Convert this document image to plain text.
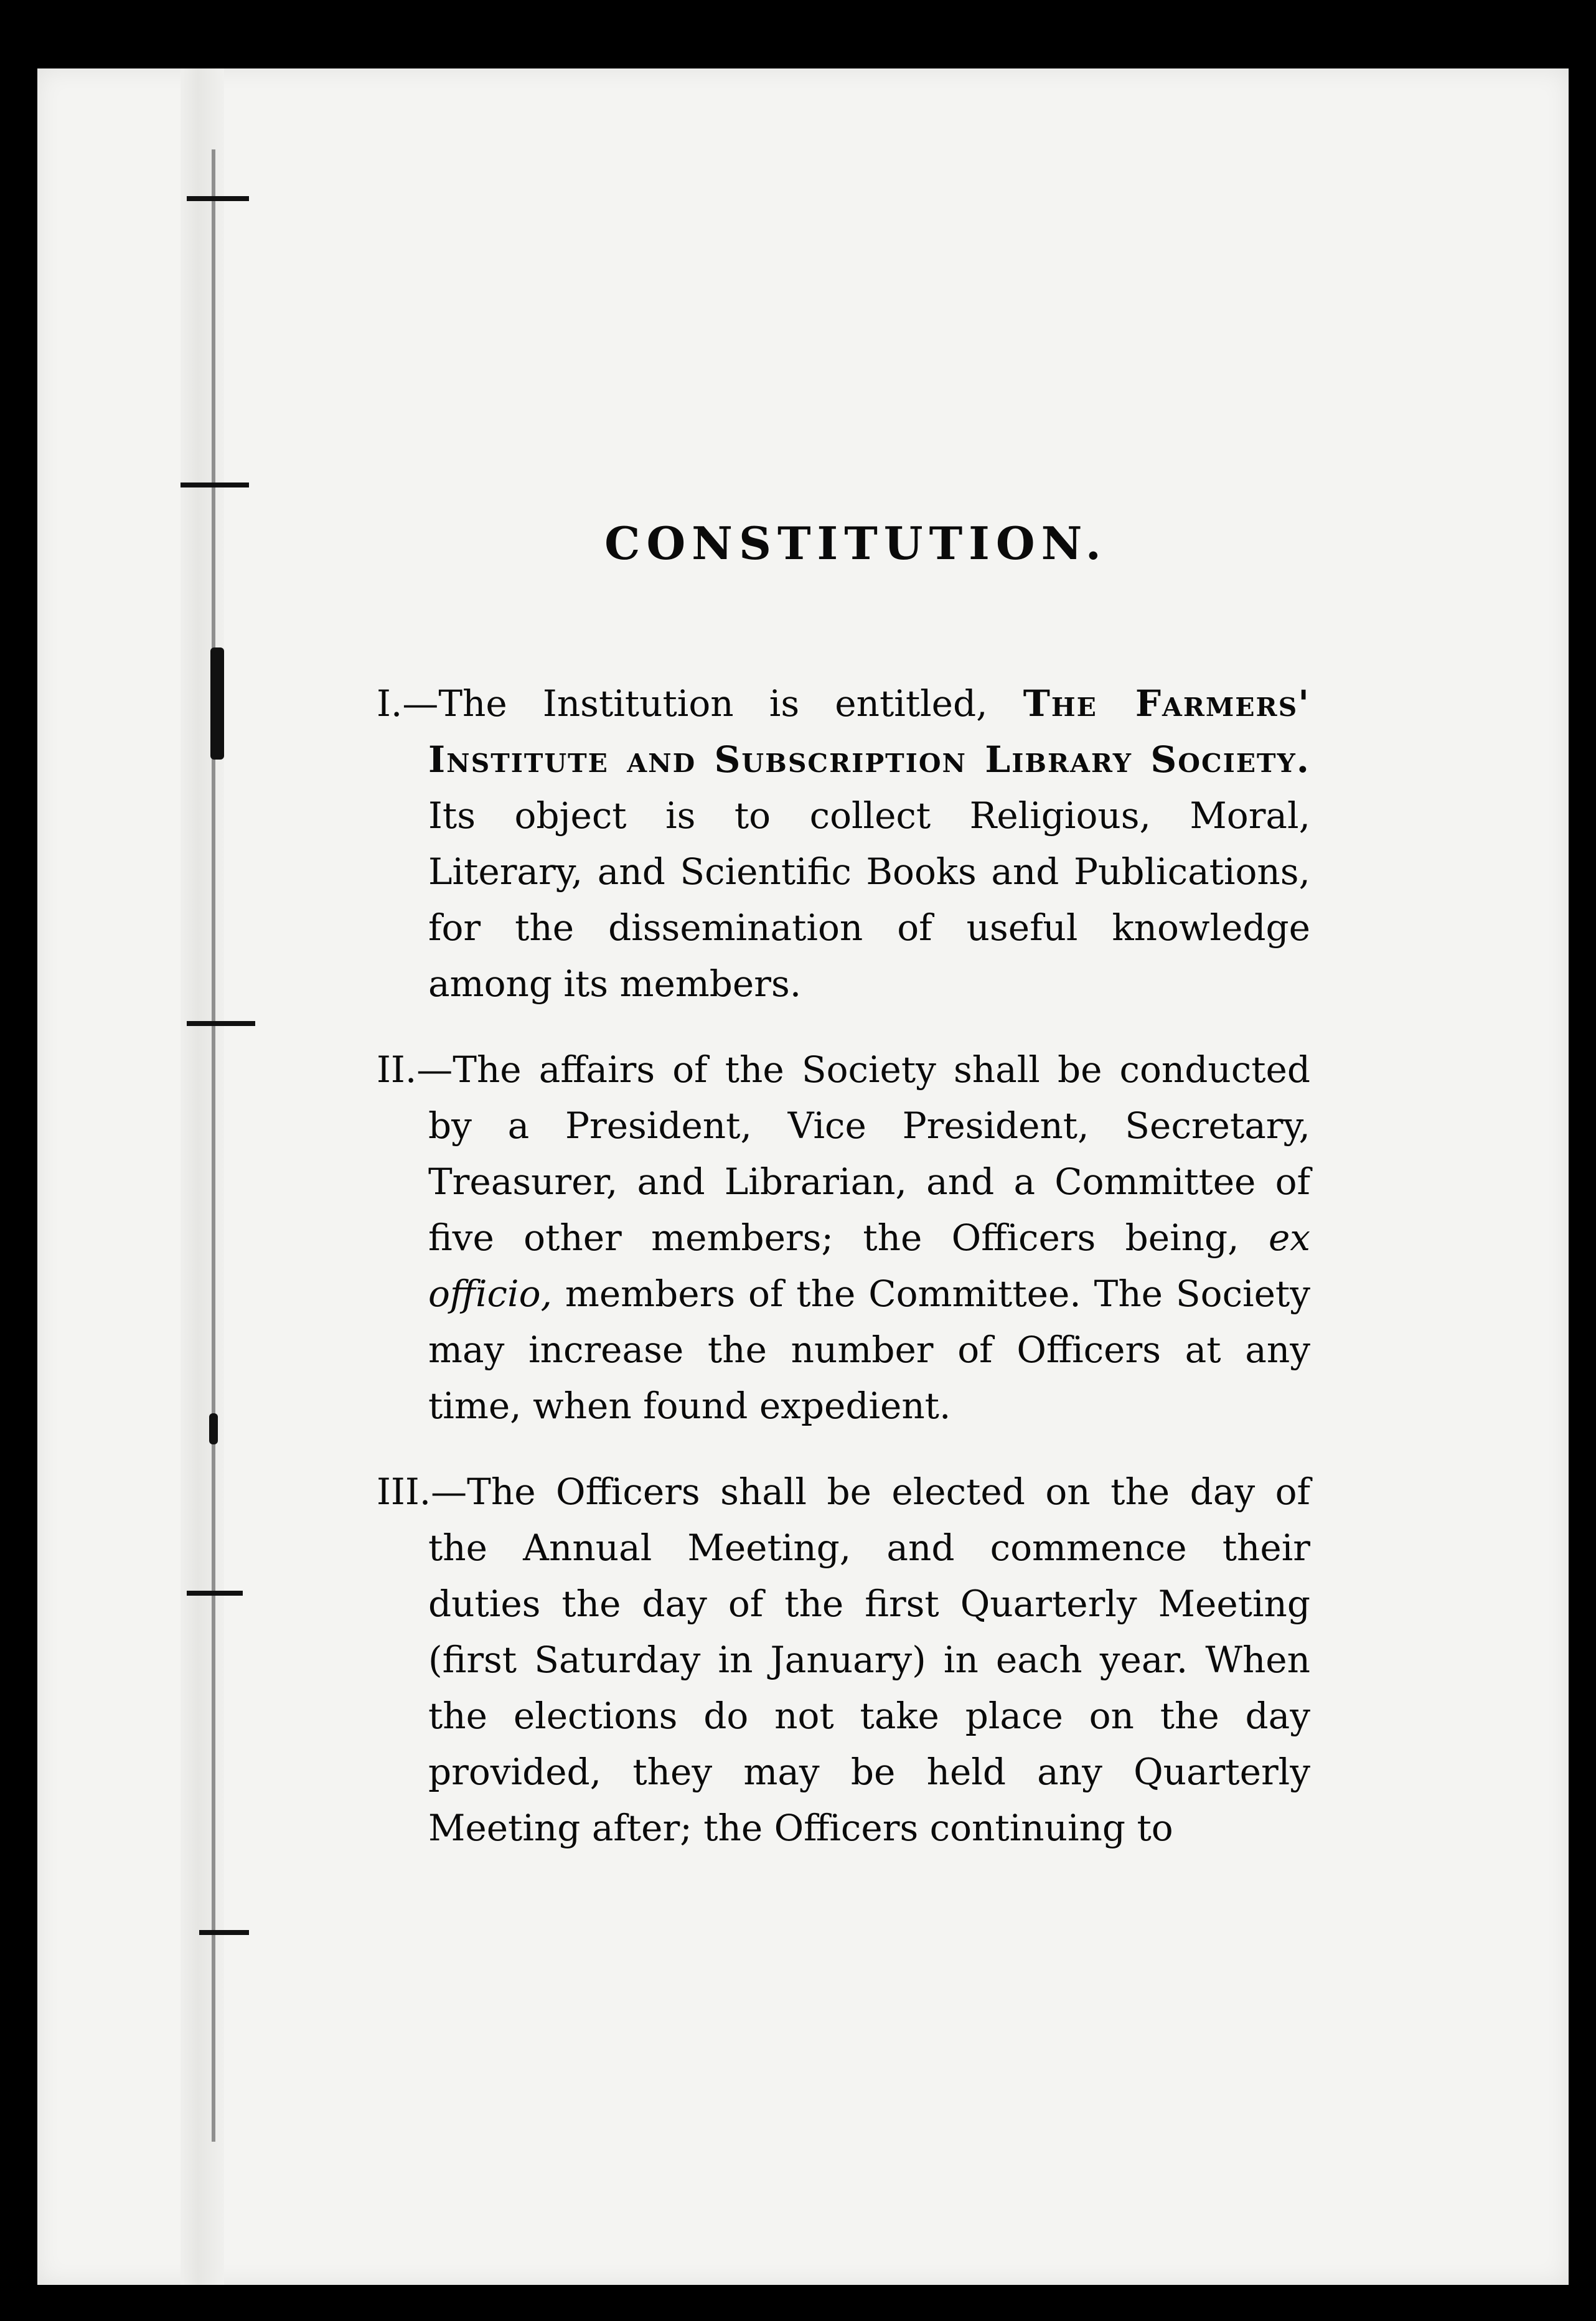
CONSTITUTION.
I.—The Institution is entitled, The Farmers' Institute and Subscription Library Society. Its object is to collect Religious, Moral, Literary, and Scientific Books and Publications, for the dissemination of useful knowledge among its members.
II.—The affairs of the Society shall be conducted by a President, Vice President, Secretary, Treasurer, and Librarian, and a Committee of five other members; the Officers being, ex officio, members of the Committee. The Society may increase the number of Officers at any time, when found expedient.
III.—The Officers shall be elected on the day of the Annual Meeting, and commence their duties the day of the first Quarterly Meeting (first Saturday in January) in each year. When the elections do not take place on the day provided, they may be held any Quarterly Meeting after; the Officers continuing to
